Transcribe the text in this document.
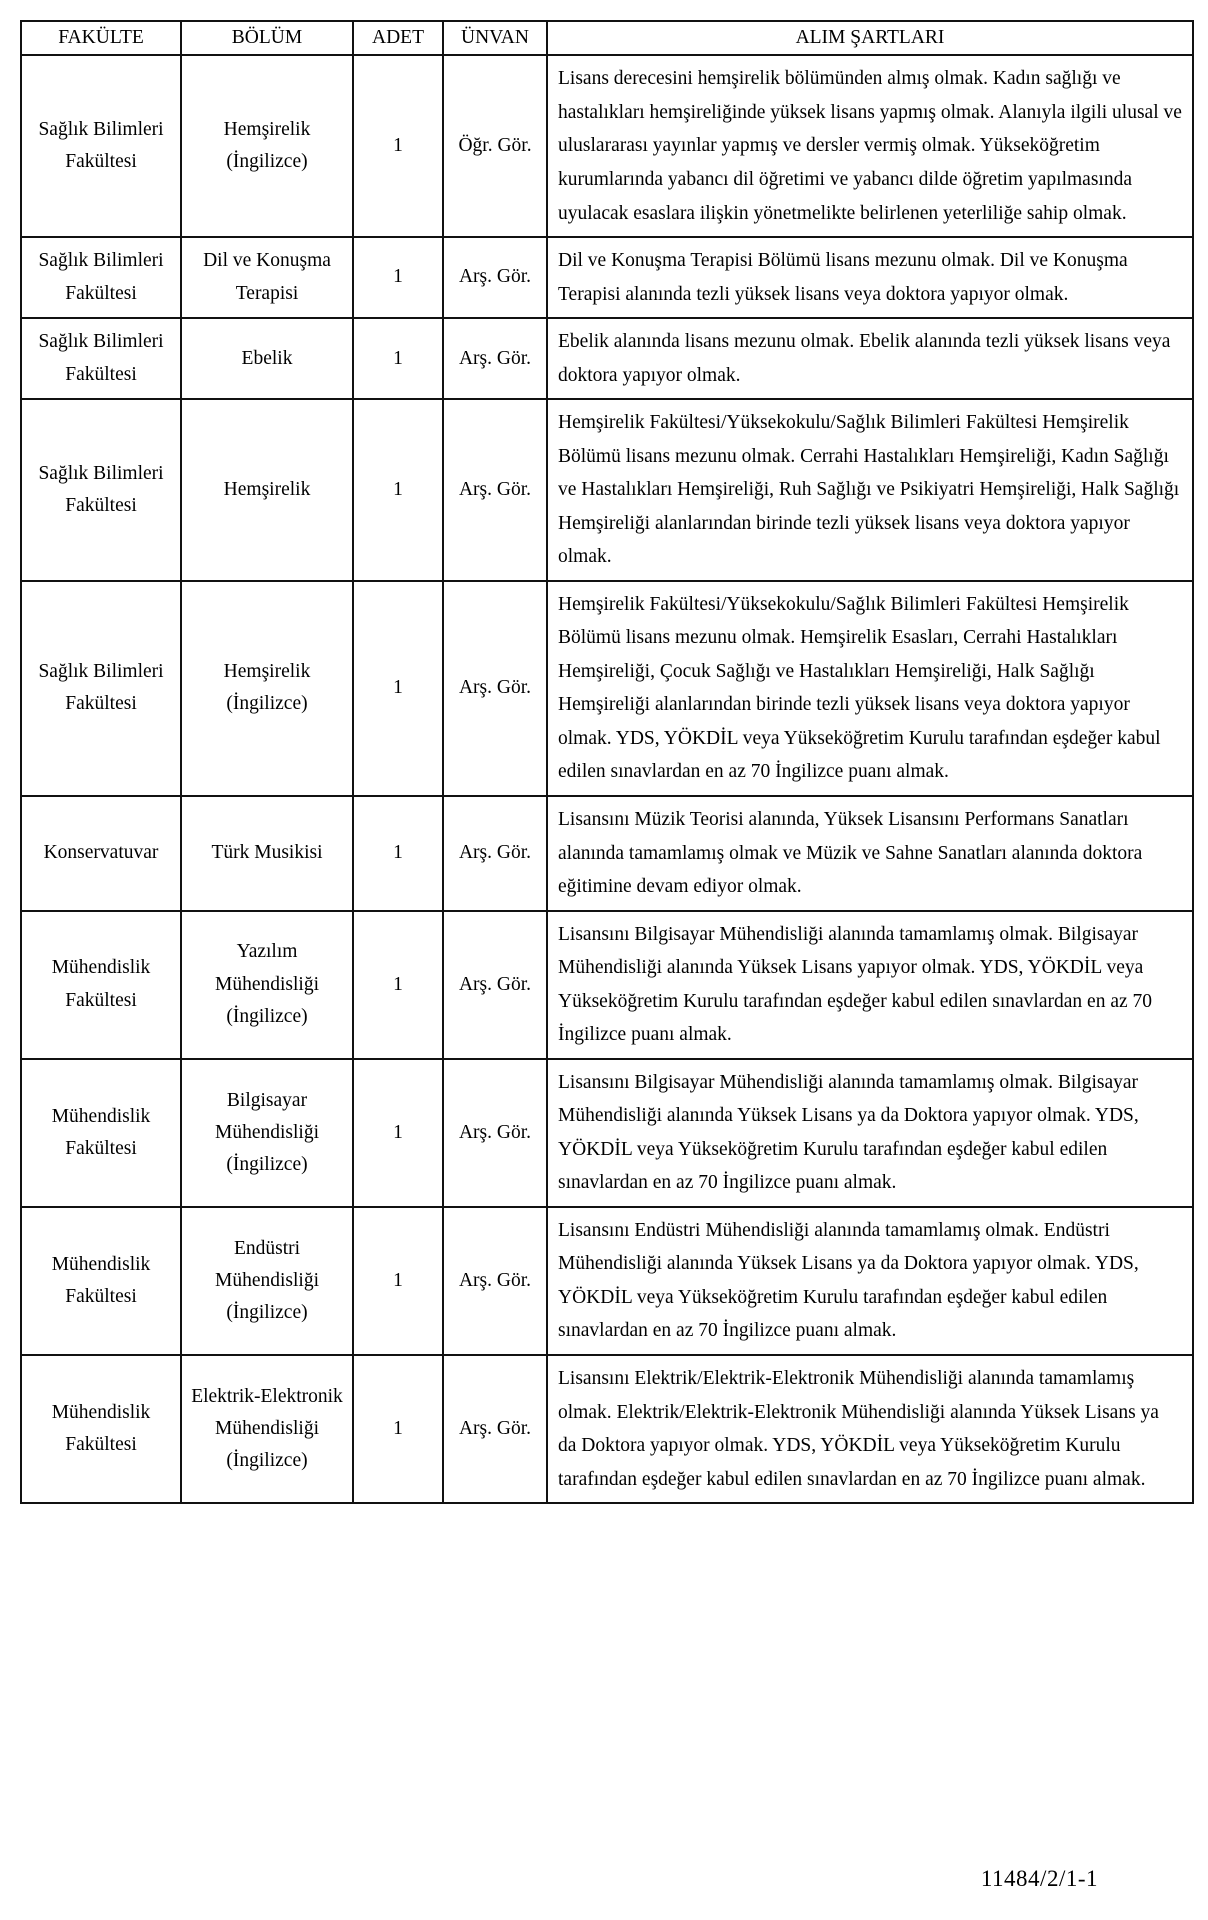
FAKÜLTE	BÖLÜM	ADET	ÜNVAN	ALIM ŞARTLARI
Sağlık Bilimleri Fakültesi	Hemşirelik (İngilizce)	1	Öğr. Gör.	Lisans derecesini hemşirelik bölümünden almış olmak. Kadın sağlığı ve hastalıkları hemşireliğinde yüksek lisans yapmış olmak. Alanıyla ilgili ulusal ve uluslararası yayınlar yapmış ve dersler vermiş olmak. Yükseköğretim kurumlarında yabancı dil öğretimi ve yabancı dilde öğretim yapılmasında uyulacak esaslara ilişkin yönetmelikte belirlenen yeterliliğe sahip olmak.
Sağlık Bilimleri Fakültesi	Dil ve Konuşma Terapisi	1	Arş. Gör.	Dil ve Konuşma Terapisi Bölümü lisans mezunu olmak. Dil ve Konuşma Terapisi alanında tezli yüksek lisans veya doktora yapıyor olmak.
Sağlık Bilimleri Fakültesi	Ebelik	1	Arş. Gör.	Ebelik alanında lisans mezunu olmak. Ebelik alanında tezli yüksek lisans veya doktora yapıyor olmak.
Sağlık Bilimleri Fakültesi	Hemşirelik	1	Arş. Gör.	Hemşirelik Fakültesi/Yüksekokulu/Sağlık Bilimleri Fakültesi Hemşirelik Bölümü lisans mezunu olmak. Cerrahi Hastalıkları Hemşireliği, Kadın Sağlığı ve Hastalıkları Hemşireliği, Ruh Sağlığı ve Psikiyatri Hemşireliği, Halk Sağlığı Hemşireliği alanlarından birinde tezli yüksek lisans veya doktora yapıyor olmak.
Sağlık Bilimleri Fakültesi	Hemşirelik (İngilizce)	1	Arş. Gör.	Hemşirelik Fakültesi/Yüksekokulu/Sağlık Bilimleri Fakültesi Hemşirelik Bölümü lisans mezunu olmak. Hemşirelik Esasları, Cerrahi Hastalıkları Hemşireliği, Çocuk Sağlığı ve Hastalıkları Hemşireliği, Halk Sağlığı Hemşireliği alanlarından birinde tezli yüksek lisans veya doktora yapıyor olmak. YDS, YÖKDİL veya Yükseköğretim Kurulu tarafından eşdeğer kabul edilen sınavlardan en az 70 İngilizce puanı almak.
Konservatuvar	Türk Musikisi	1	Arş. Gör.	Lisansını Müzik Teorisi alanında, Yüksek Lisansını Performans Sanatları alanında tamamlamış olmak ve Müzik ve Sahne Sanatları alanında doktora eğitimine devam ediyor olmak.
Mühendislik Fakültesi	Yazılım Mühendisliği (İngilizce)	1	Arş. Gör.	Lisansını Bilgisayar Mühendisliği alanında tamamlamış olmak. Bilgisayar Mühendisliği alanında Yüksek Lisans yapıyor olmak. YDS, YÖKDİL veya Yükseköğretim Kurulu tarafından eşdeğer kabul edilen sınavlardan en az 70 İngilizce puanı almak.
Mühendislik Fakültesi	Bilgisayar Mühendisliği (İngilizce)	1	Arş. Gör.	Lisansını Bilgisayar Mühendisliği alanında tamamlamış olmak. Bilgisayar Mühendisliği alanında Yüksek Lisans ya da Doktora yapıyor olmak. YDS, YÖKDİL veya Yükseköğretim Kurulu tarafından eşdeğer kabul edilen sınavlardan en az 70 İngilizce puanı almak.
Mühendislik Fakültesi	Endüstri Mühendisliği (İngilizce)	1	Arş. Gör.	Lisansını Endüstri Mühendisliği alanında tamamlamış olmak. Endüstri Mühendisliği alanında Yüksek Lisans ya da Doktora yapıyor olmak. YDS, YÖKDİL veya Yükseköğretim Kurulu tarafından eşdeğer kabul edilen sınavlardan en az 70 İngilizce puanı almak.
Mühendislik Fakültesi	Elektrik-Elektronik Mühendisliği (İngilizce)	1	Arş. Gör.	Lisansını Elektrik/Elektrik-Elektronik Mühendisliği alanında tamamlamış olmak. Elektrik/Elektrik-Elektronik Mühendisliği alanında Yüksek Lisans ya da Doktora yapıyor olmak. YDS, YÖKDİL veya Yükseköğretim Kurulu tarafından eşdeğer kabul edilen sınavlardan en az 70 İngilizce puanı almak.
11484/2/1-1
